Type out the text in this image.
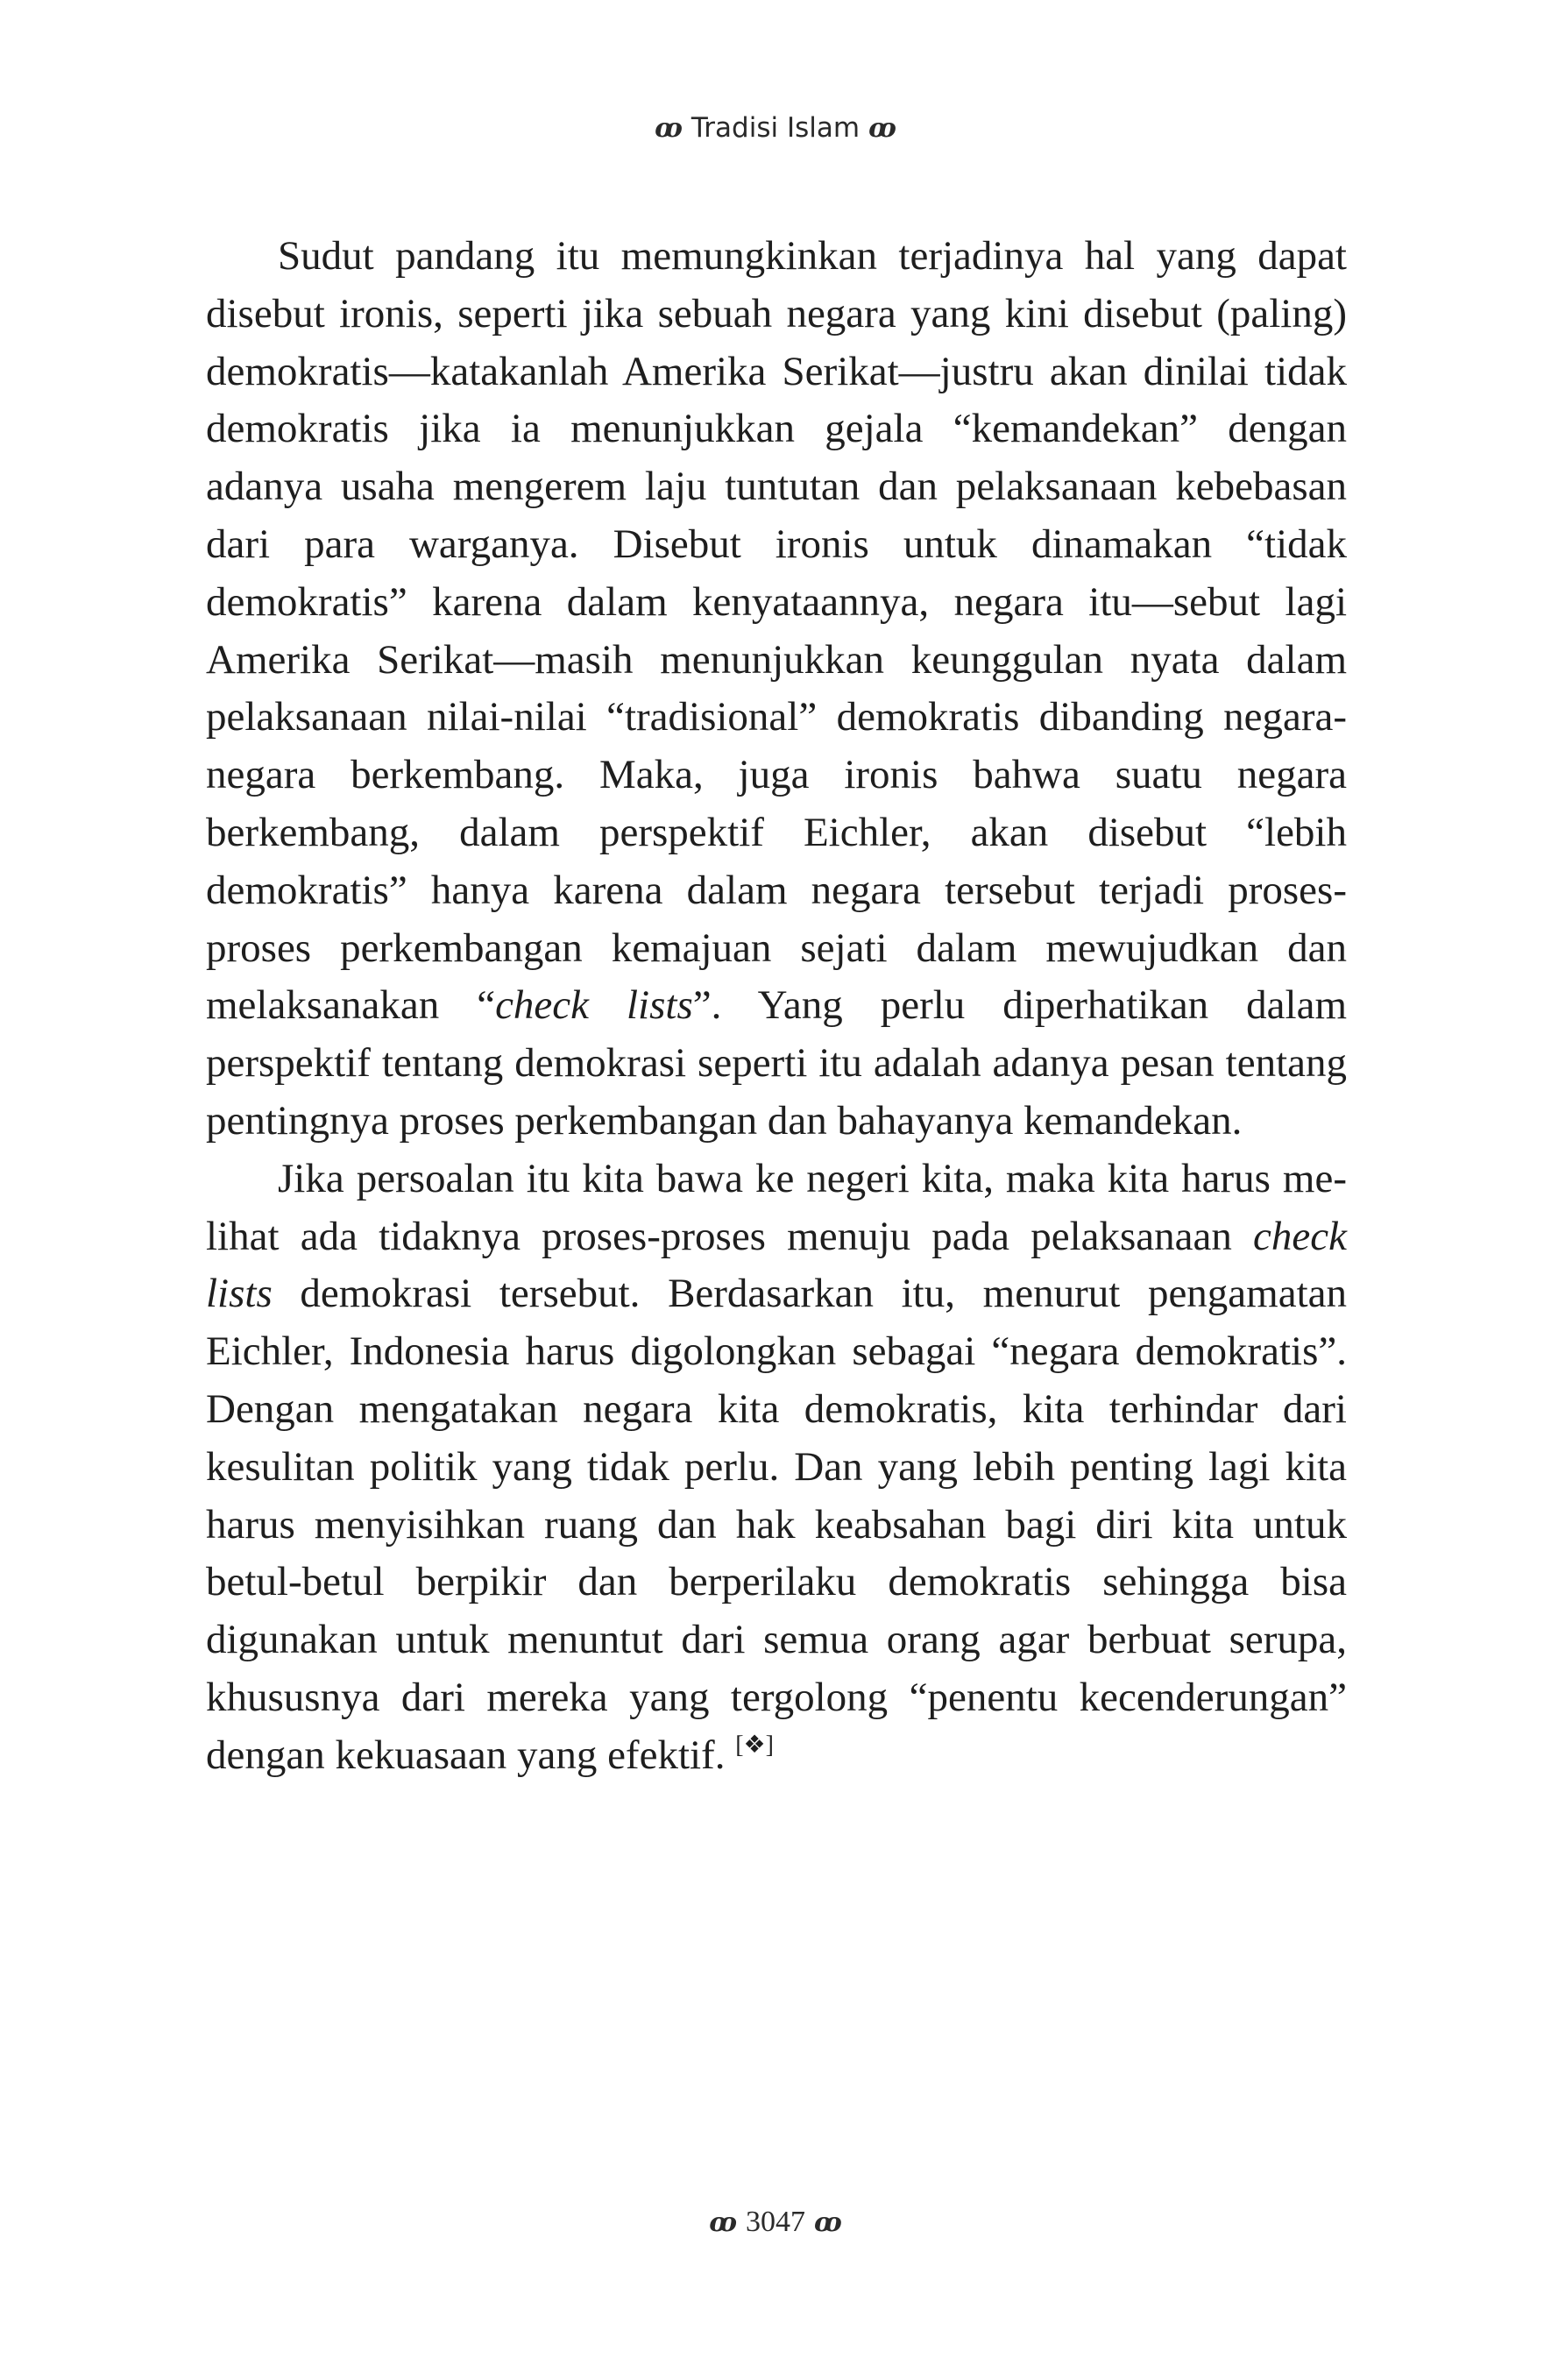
ꝏ Tradisi Islam ꝏ

Sudut pandang itu memungkinkan terjadinya hal yang dapat disebut ironis, seperti jika sebuah negara yang kini disebut (paling) demokratis—katakanlah Amerika Serikat—justru akan dinilai tidak demokratis jika ia menunjukkan gejala “kemandekan” dengan adanya usaha mengerem laju tuntutan dan pelaksanaan kebebasan dari para warganya. Disebut ironis untuk dinamakan “tidak demokratis” karena dalam kenyataannya, negara itu—sebut lagi Amerika Serikat—masih menunjukkan keunggulan nyata dalam pelaksanaan nilai-nilai “tradisional” demokratis dibanding negara-negara berkembang. Maka, juga ironis bahwa suatu negara berkembang, dalam perspektif Eichler, akan disebut “lebih demokratis” hanya karena dalam negara tersebut terjadi proses-proses perkembangan kemajuan sejati dalam mewujudkan dan melaksanakan “check lists”. Yang perlu diperhatikan dalam perspektif tentang demokrasi seperti itu adalah adanya pesan tentang pentingnya proses perkembangan dan bahayanya kemandekan.

Jika persoalan itu kita bawa ke negeri kita, maka kita harus melihat ada tidaknya proses-proses menuju pada pelaksanaan check lists demokrasi tersebut. Berdasarkan itu, menurut pengamatan Eichler, Indonesia harus digolongkan sebagai “negara demokratis”. Dengan mengatakan negara kita demokratis, kita terhindar dari kesulitan politik yang tidak perlu. Dan yang lebih penting lagi kita harus menyisihkan ruang dan hak keabsahan bagi diri kita untuk betul-betul berpikir dan berperilaku demokratis sehingga bisa digunakan untuk menuntut dari semua orang agar berbuat serupa, khususnya dari mereka yang tergolong “penentu kecenderungan” dengan kekuasaan yang efektif. [❖]

ꝏ 3047 ꝏ
